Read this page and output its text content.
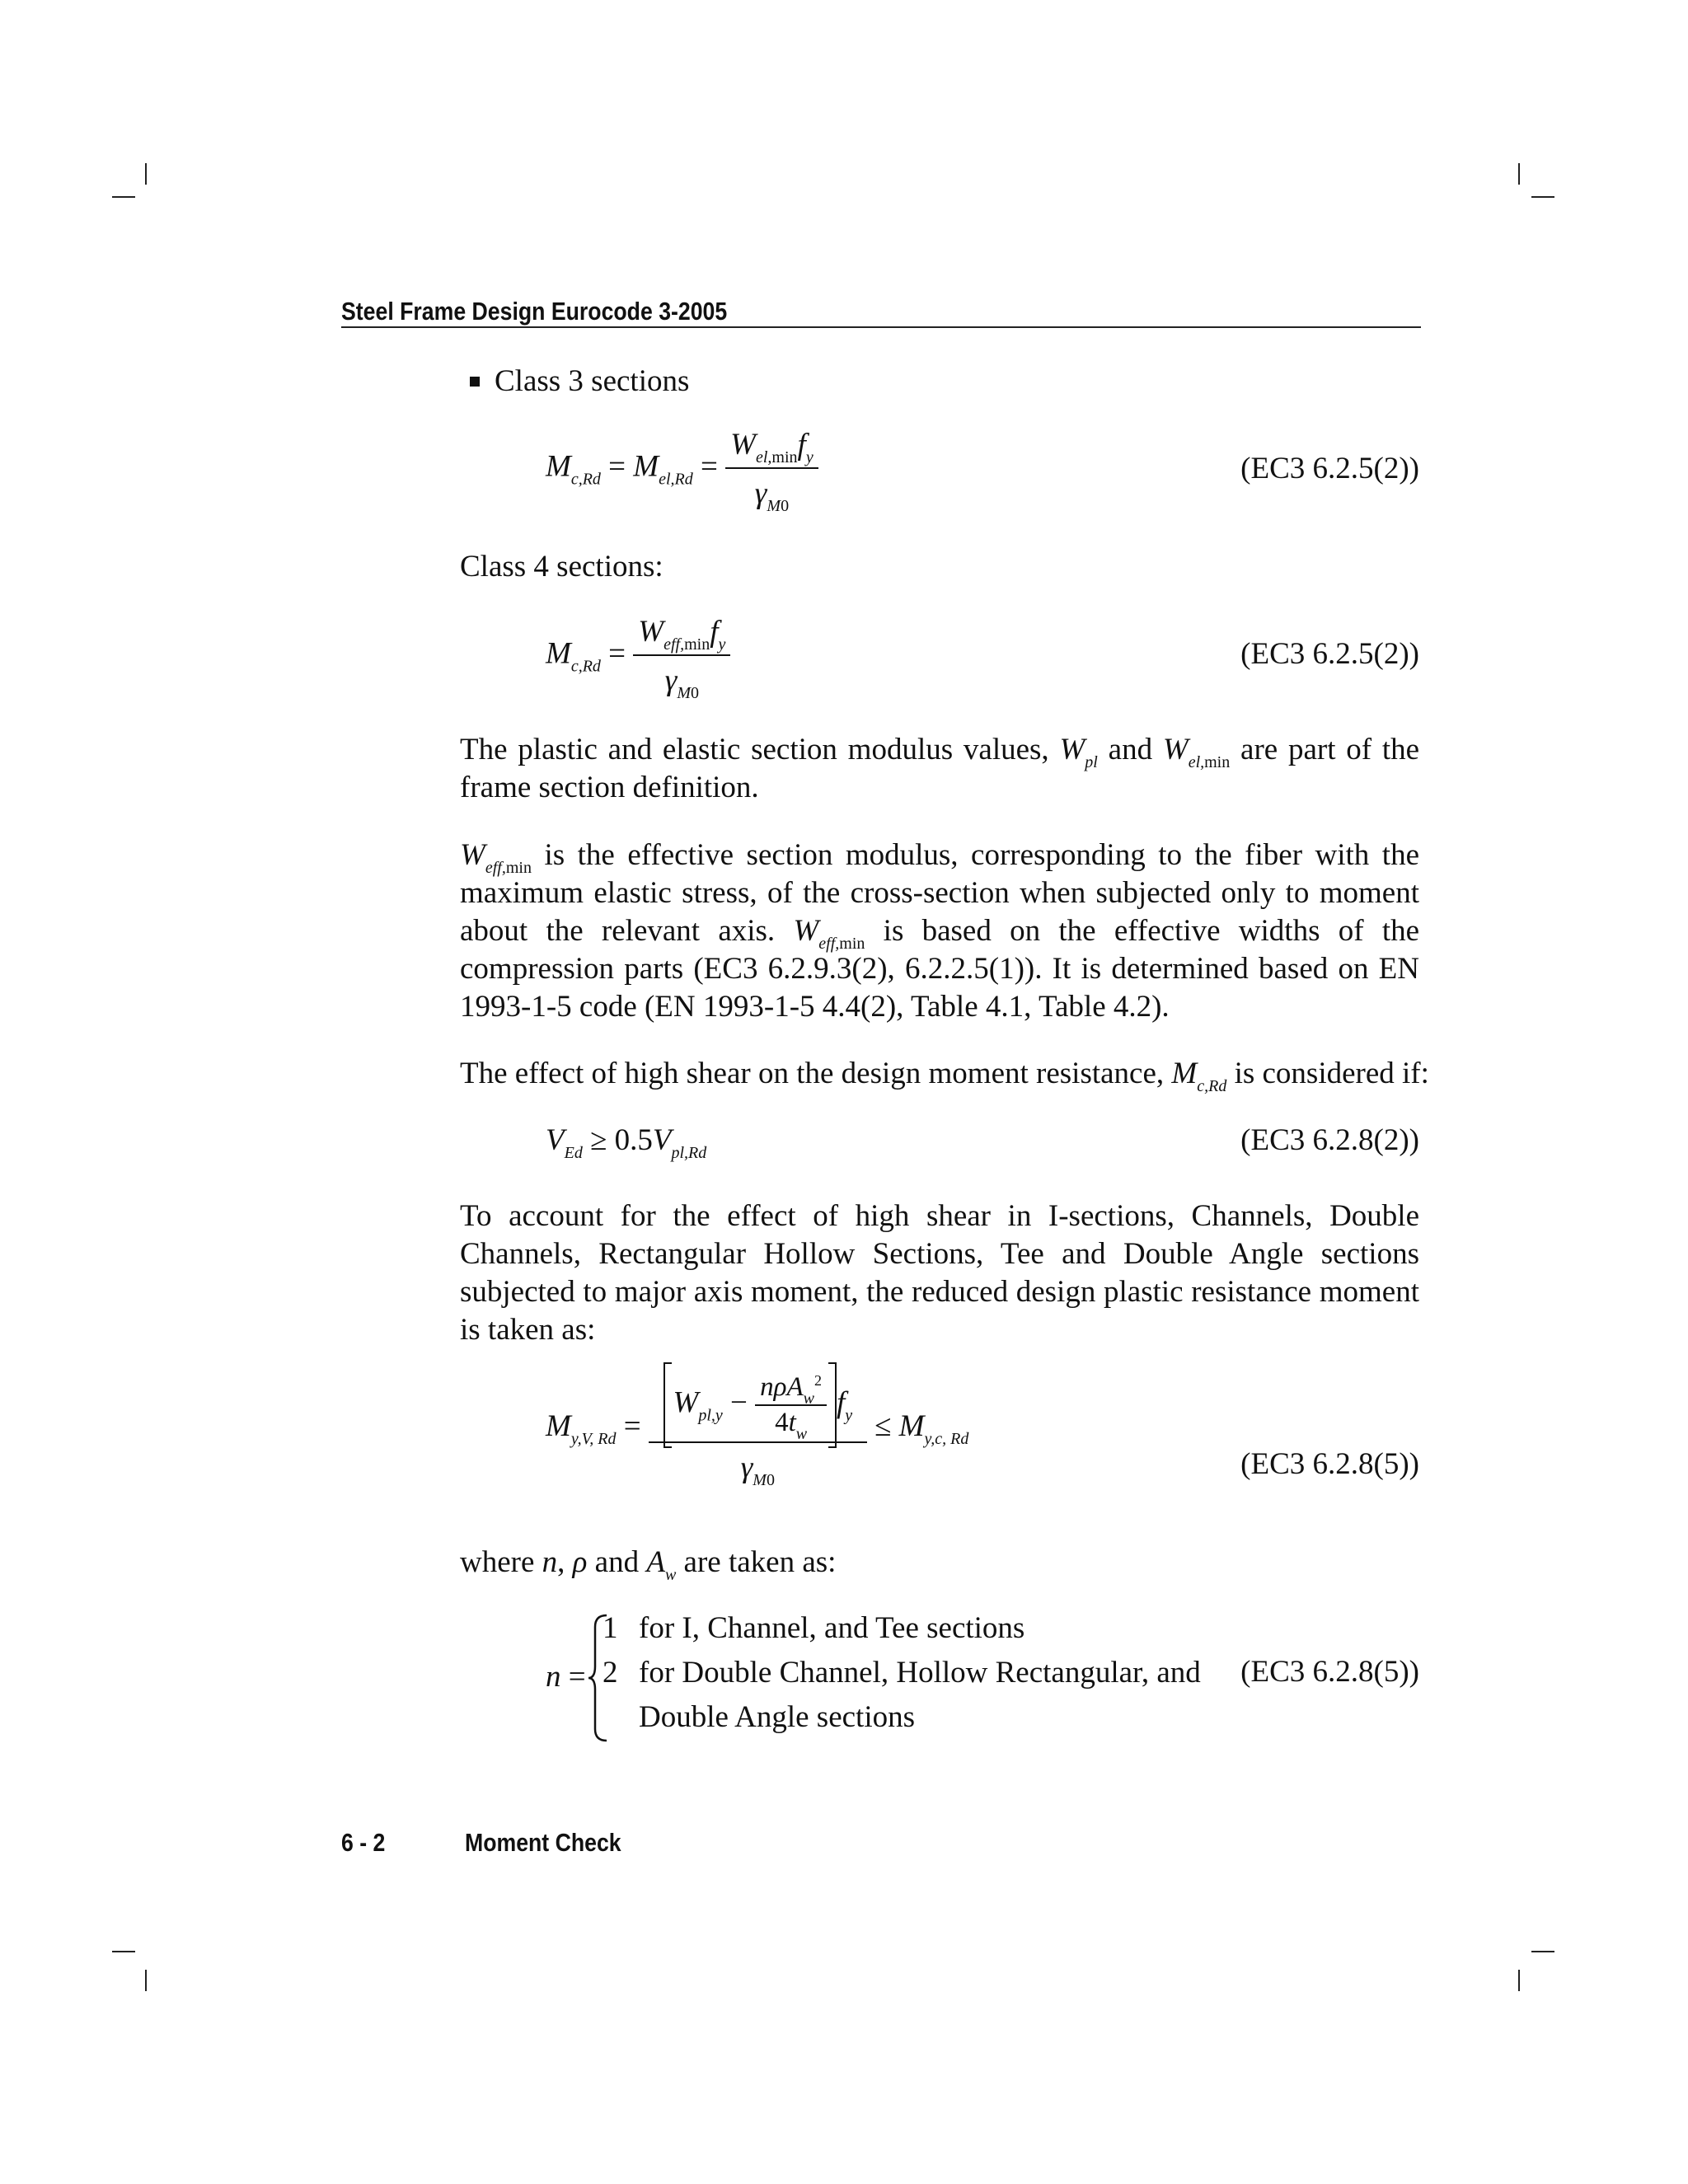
Steel Frame Design Eurocode 3-2005
Class 3 sections
$M_{c,Rd} = M_{el,Rd} = \frac{W_{el,min}f_y}{\gamma_{M0}}$	(EC3 6.2.5(2))
Class 4 sections:
$M_{c,Rd} = \frac{W_{eff,min}f_y}{\gamma_{M0}}$	(EC3 6.2.5(2))
The plastic and elastic section modulus values, $W_{pl}$ and $W_{el,min}$ are part of the frame section definition.
$W_{eff,min}$ is the effective section modulus, corresponding to the fiber with the maximum elastic stress, of the cross-section when subjected only to moment about the relevant axis. $W_{eff,min}$ is based on the effective widths of the compression parts (EC3 6.2.9.3(2), 6.2.2.5(1)). It is determined based on EN 1993-1-5 code (EN 1993-1-5 4.4(2), Table 4.1, Table 4.2).
The effect of high shear on the design moment resistance, $M_{c,Rd}$ is considered if:
$V_{Ed} \ge 0.5V_{pl,Rd}$	(EC3 6.2.8(2))
To account for the effect of high shear in I-sections, Channels, Double Channels, Rectangular Hollow Sections, Tee and Double Angle sections subjected to major axis moment, the reduced design plastic resistance moment is taken as:
$M_{y,V, Rd}$ =
$W_{pl,y} - \frac{n\rho A_w^2}{4t_w} f_y$
$\gamma_{M0}$
≤ $M_{y,c, Rd}$
(EC3 6.2.8(5))
where n, ρ and $A_w$ are taken as:
n =
1 for I, Channel, and Tee sections
2 for Double Channel, Hollow Rectangular, and
Double Angle sections
(EC3 6.2.8(5))
6 - 2	Moment Check
